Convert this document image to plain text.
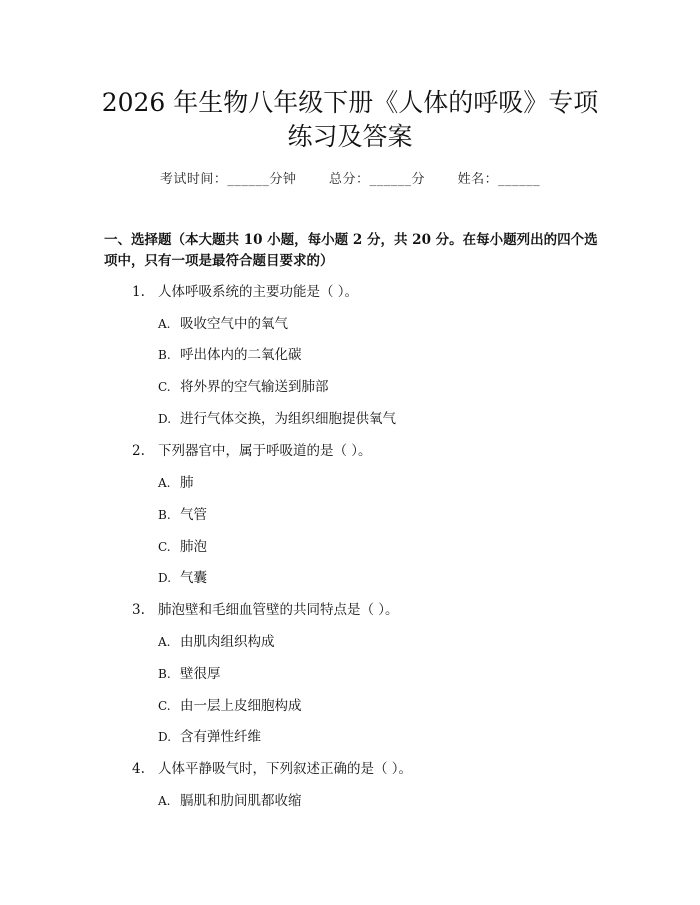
2026 年生物八年级下册《人体的呼吸》专项
练习及答案
考试时间：______分钟	总分：______分	姓名：______
一、选择题（本大题共 10 小题，每小题 2 分，共 20 分。在每小题列出的四个选
项中，只有一项是最符合题目要求的）
1. 人体呼吸系统的主要功能是（ ）。
A. 吸收空气中的氧气
B. 呼出体内的二氧化碳
C. 将外界的空气输送到肺部
D. 进行气体交换，为组织细胞提供氧气
2. 下列器官中，属于呼吸道的是（ ）。
A. 肺
B. 气管
C. 肺泡
D. 气囊
3. 肺泡壁和毛细血管壁的共同特点是（ ）。
A. 由肌肉组织构成
B. 壁很厚
C. 由一层上皮细胞构成
D. 含有弹性纤维
4. 人体平静吸气时，下列叙述正确的是（ ）。
A. 膈肌和肋间肌都收缩
